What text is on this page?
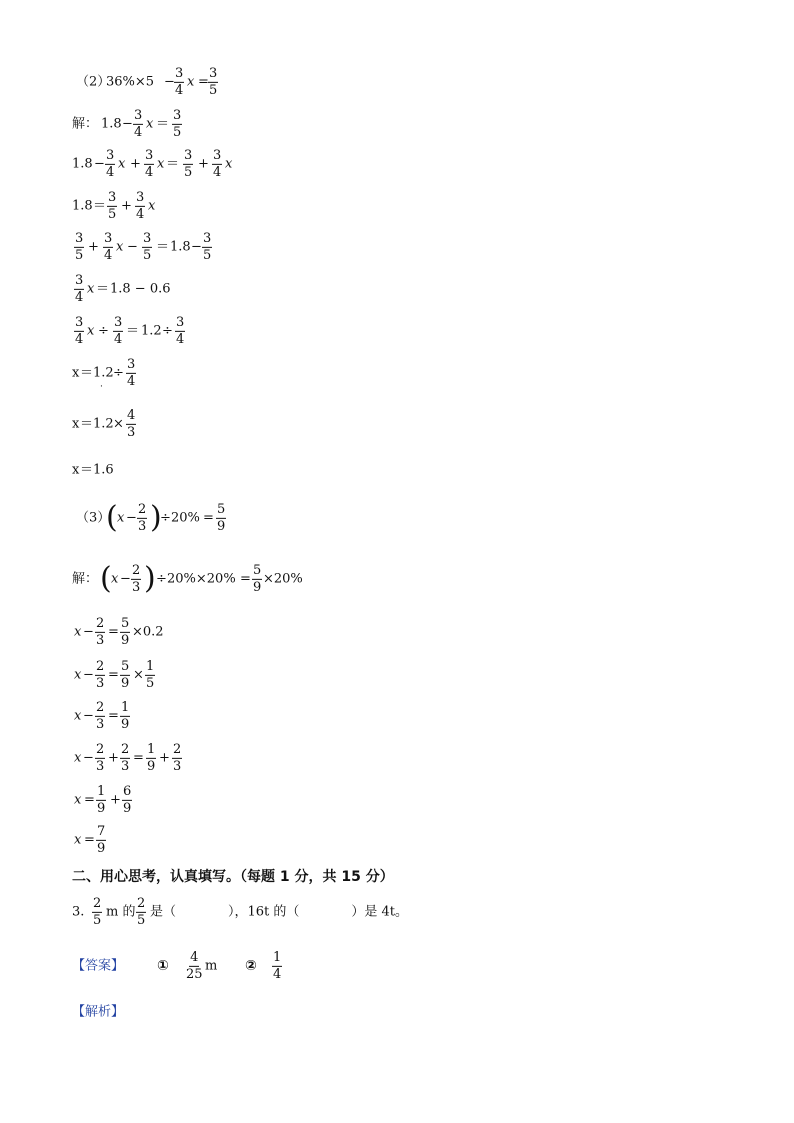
（2）
$36\%\times 5 - \frac{3}{4}$ $x = \frac{3}{5}$
解： $1.8 - \frac{3}{4}$ $x = \frac{3}{5}$
$1.8 - \frac{3}{4}$ $x + \frac{3}{4}$ $x = \frac{3}{5} + \frac{3}{4}$ x
$1.8 = \frac{3}{5} + \frac{3}{4}$ x
$\frac{3}{5} + \frac{3}{4}$ $x - \frac{3}{5} = 1.8 - \frac{3}{5}$
$\frac{3}{4}$ x ＝ 1.8 − 0.6
$\frac{3}{4}$ $x \div \frac{3}{4} = 1.2 \div \frac{3}{4}$
x ＝ 1.2
.
÷ $\frac{3}{4}$
$x = 1.2 \times \frac{4}{3}$
x ＝ 1.6
（3）
( $x - \frac{2}{3}$ )
÷ $20\% = \frac{5}{9}$
解： ( $x - \frac{2}{3}$ ) ÷ $20\%\times 20\% = \frac{5}{9} \times 20\%$
$x - \frac{2}{3} = \frac{5}{9} \times 0.2$
$x - \frac{2}{3} = \frac{5}{9} \times \frac{1}{5}$
$x - \frac{2}{3} = \frac{1}{9}$
$x - \frac{2}{3} + \frac{2}{3} = \frac{1}{9} + \frac{2}{3}$
$x = \frac{1}{9} + \frac{6}{9}$
$x = \frac{7}{9}$
二、用心思考，认真填写。（每题 1 分，共 15 分）
3. $\frac{2}{5}$ m 的 $\frac{2}{5}$ 是（　　　　），16t 的（　　　　）是 4t。
【答案】 ① $\frac{4}{25}$ m ② $\frac{1}{4}$
【解析】
